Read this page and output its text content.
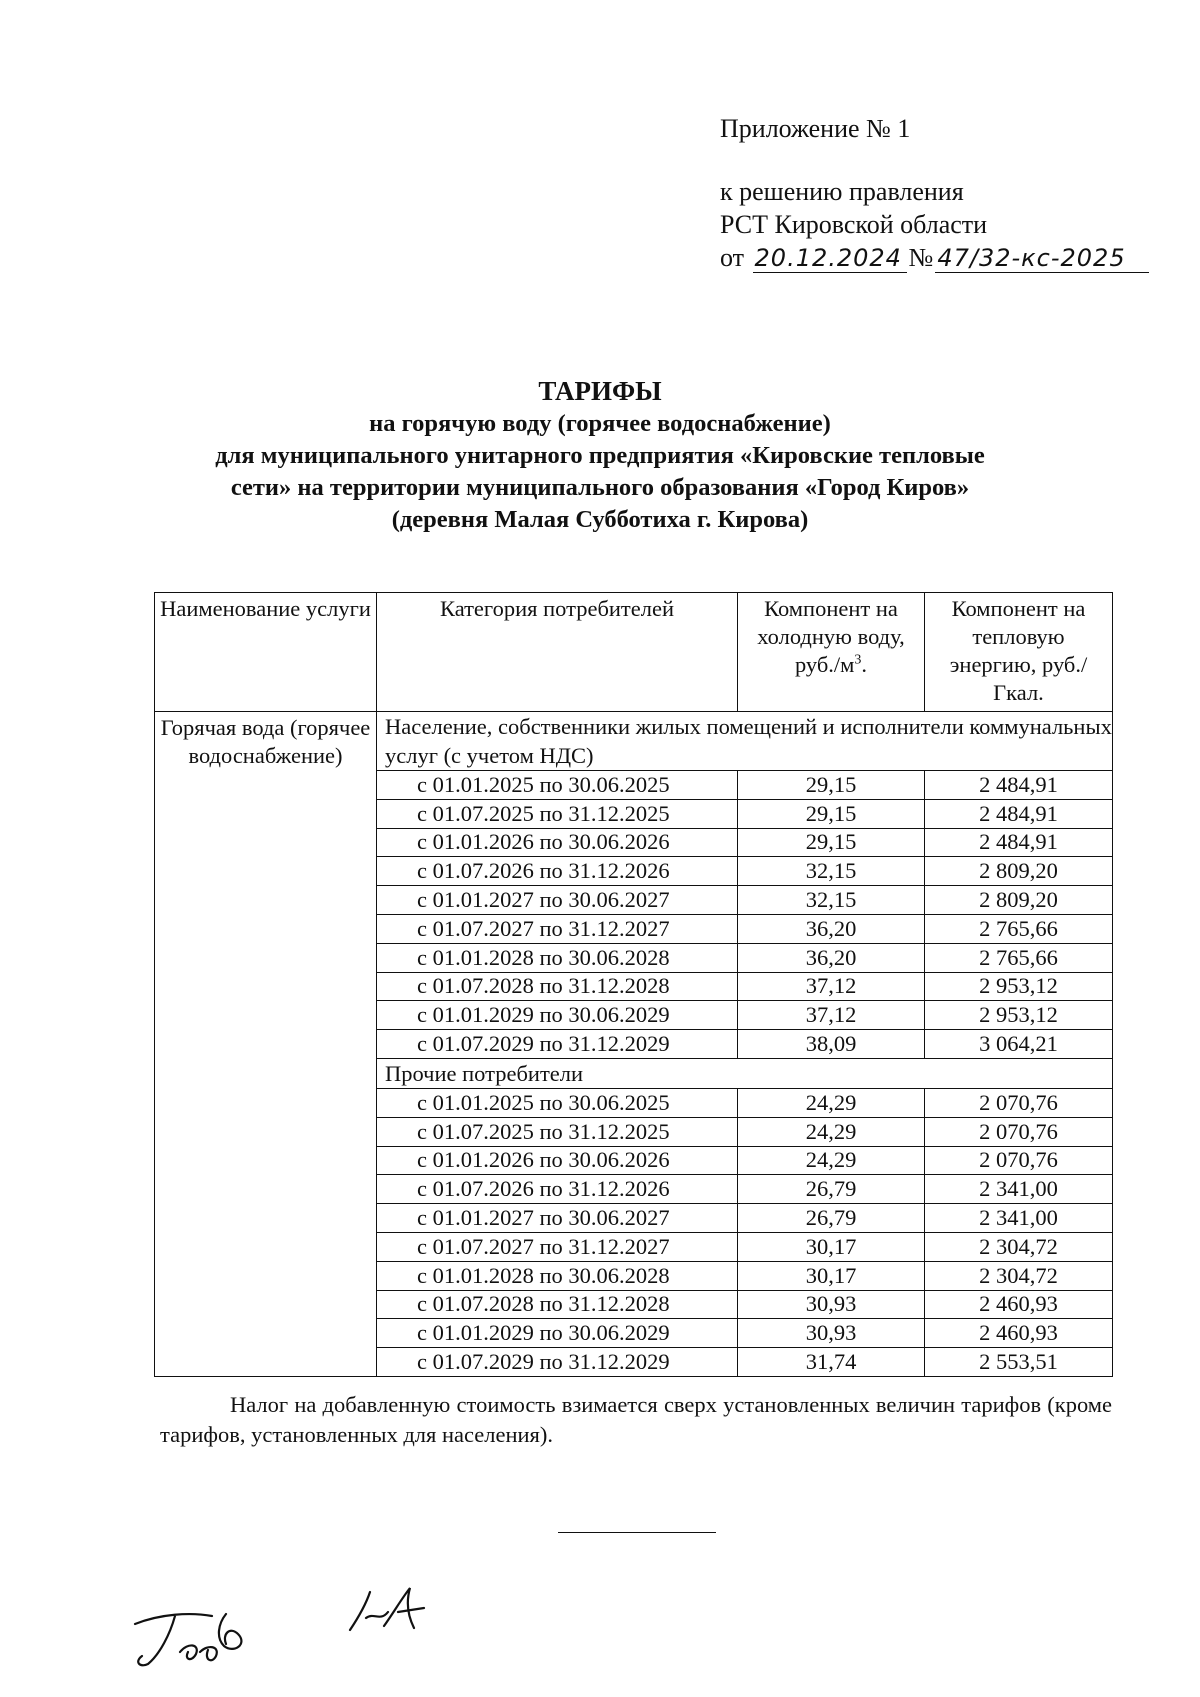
Приложение № 1
к решению правления
РСТ Кировской области
от 20.12.2024 № 47/32-кс-2025
ТАРИФЫ
на горячую воду (горячее водоснабжение)
для муниципального унитарного предприятия «Кировские тепловые
сети» на территории муниципального образования «Город Киров»
(деревня Малая Субботиха г. Кирова)
Наименование услуги	Категория потребителей	Компонент на холодную воду, $руб./м^3$.	Компонент на тепловую энергию, руб./Гкал.
Горячая вода (горячее водоснабжение)	Население, собственники жилых помещений и исполнители коммунальных услуг (с учетом НДС)		
	с 01.01.2025 по 30.06.2025	29,15	2 484,91
	с 01.07.2025 по 31.12.2025	29,15	2 484,91
	с 01.01.2026 по 30.06.2026	29,15	2 484,91
	с 01.07.2026 по 31.12.2026	32,15	2 809,20
	с 01.01.2027 по 30.06.2027	32,15	2 809,20
	с 01.07.2027 по 31.12.2027	36,20	2 765,66
	с 01.01.2028 по 30.06.2028	36,20	2 765,66
	с 01.07.2028 по 31.12.2028	37,12	2 953,12
	с 01.01.2029 по 30.06.2029	37,12	2 953,12
	с 01.07.2029 по 31.12.2029	38,09	3 064,21
	Прочие потребители		
	с 01.01.2025 по 30.06.2025	24,29	2 070,76
	с 01.07.2025 по 31.12.2025	24,29	2 070,76
	с 01.01.2026 по 30.06.2026	24,29	2 070,76
	с 01.07.2026 по 31.12.2026	26,79	2 341,00
	с 01.01.2027 по 30.06.2027	26,79	2 341,00
	с 01.07.2027 по 31.12.2027	30,17	2 304,72
	с 01.01.2028 по 30.06.2028	30,17	2 304,72
	с 01.07.2028 по 31.12.2028	30,93	2 460,93
	с 01.01.2029 по 30.06.2029	30,93	2 460,93
	с 01.07.2029 по 31.12.2029	31,74	2 553,51
Налог на добавленную стоимость взимается сверх установленных величин тарифов (кроме тарифов, установленных для населения).
